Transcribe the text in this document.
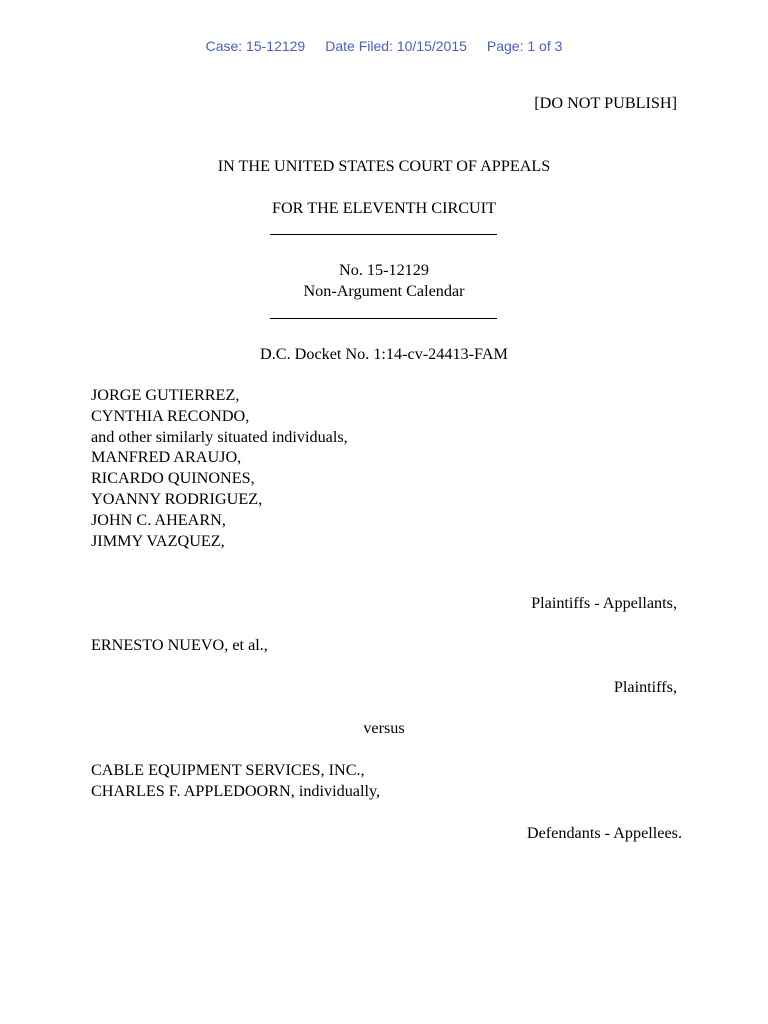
Case: 15-12129 Date Filed: 10/15/2015 Page: 1 of 3
[DO NOT PUBLISH]
IN THE UNITED STATES COURT OF APPEALS
FOR THE ELEVENTH CIRCUIT
No. 15-12129
Non-Argument Calendar
D.C. Docket No. 1:14-cv-24413-FAM
JORGE GUTIERREZ,
CYNTHIA RECONDO,
and other similarly situated individuals,
MANFRED ARAUJO,
RICARDO QUINONES,
YOANNY RODRIGUEZ,
JOHN C. AHEARN,
JIMMY VAZQUEZ,
Plaintiffs - Appellants,
ERNESTO NUEVO, et al.,
Plaintiffs,
versus
CABLE EQUIPMENT SERVICES, INC.,
CHARLES F. APPLEDOORN, individually,
Defendants - Appellees.
